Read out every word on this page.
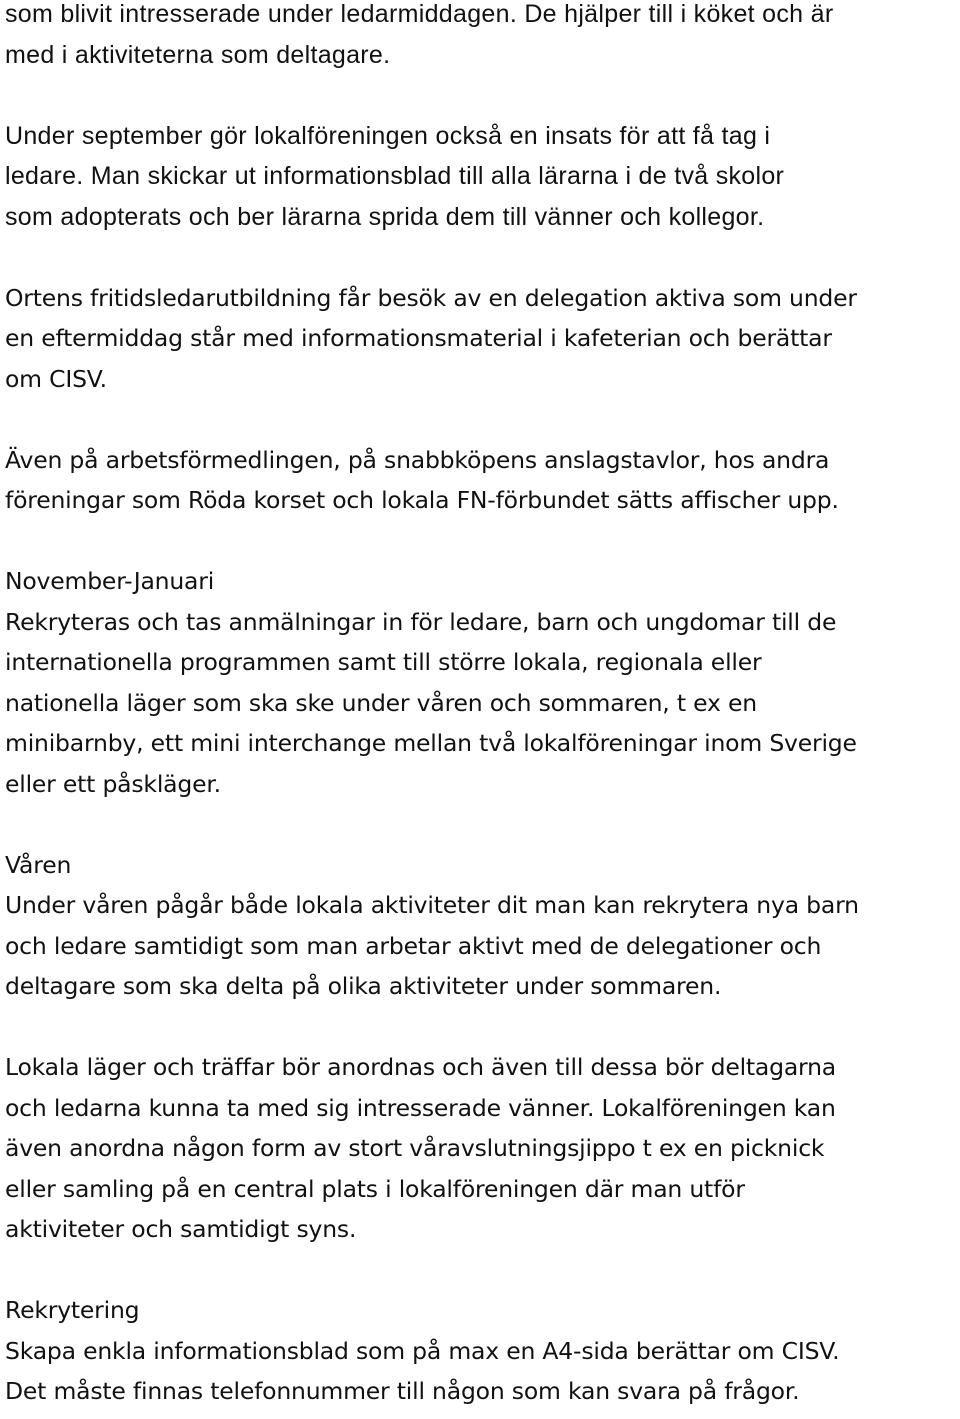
som blivit intresserade under ledarmiddagen. De hjälper till i köket och är
med i aktiviteterna som deltagare.

Under september gör lokalföreningen också en insats för att få tag i
ledare. Man skickar ut informationsblad till alla lärarna i de två skolor
som adopterats och ber lärarna sprida dem till vänner och kollegor.

Ortens fritidsledarutbildning får besök av en delegation aktiva som under
en eftermiddag står med informationsmaterial i kafeterian och berättar
om CISV.

Även på arbetsförmedlingen, på snabbköpens anslagstavlor, hos andra
föreningar som Röda korset och lokala FN-förbundet sätts affischer upp.

November-Januari

Rekryteras och tas anmälningar in för ledare, barn och ungdomar till de
internationella programmen samt till större lokala, regionala eller
nationella läger som ska ske under våren och sommaren, t ex en
minibarnby, ett mini interchange mellan två lokalföreningar inom Sverige
eller ett påskläger.

Våren

Under våren pågår både lokala aktiviteter dit man kan rekrytera nya barn
och ledare samtidigt som man arbetar aktivt med de delegationer och
deltagare som ska delta på olika aktiviteter under sommaren.

Lokala läger och träffar bör anordnas och även till dessa bör deltagarna
och ledarna kunna ta med sig intresserade vänner. Lokalföreningen kan
även anordna någon form av stort våravslutningsjippo t ex en picknick
eller samling på en central plats i lokalföreningen där man utför
aktiviteter och samtidigt syns.

Rekrytering

Skapa enkla informationsblad som på max en A4-sida berättar om CISV.
Det måste finnas telefonnummer till någon som kan svara på frågor.
